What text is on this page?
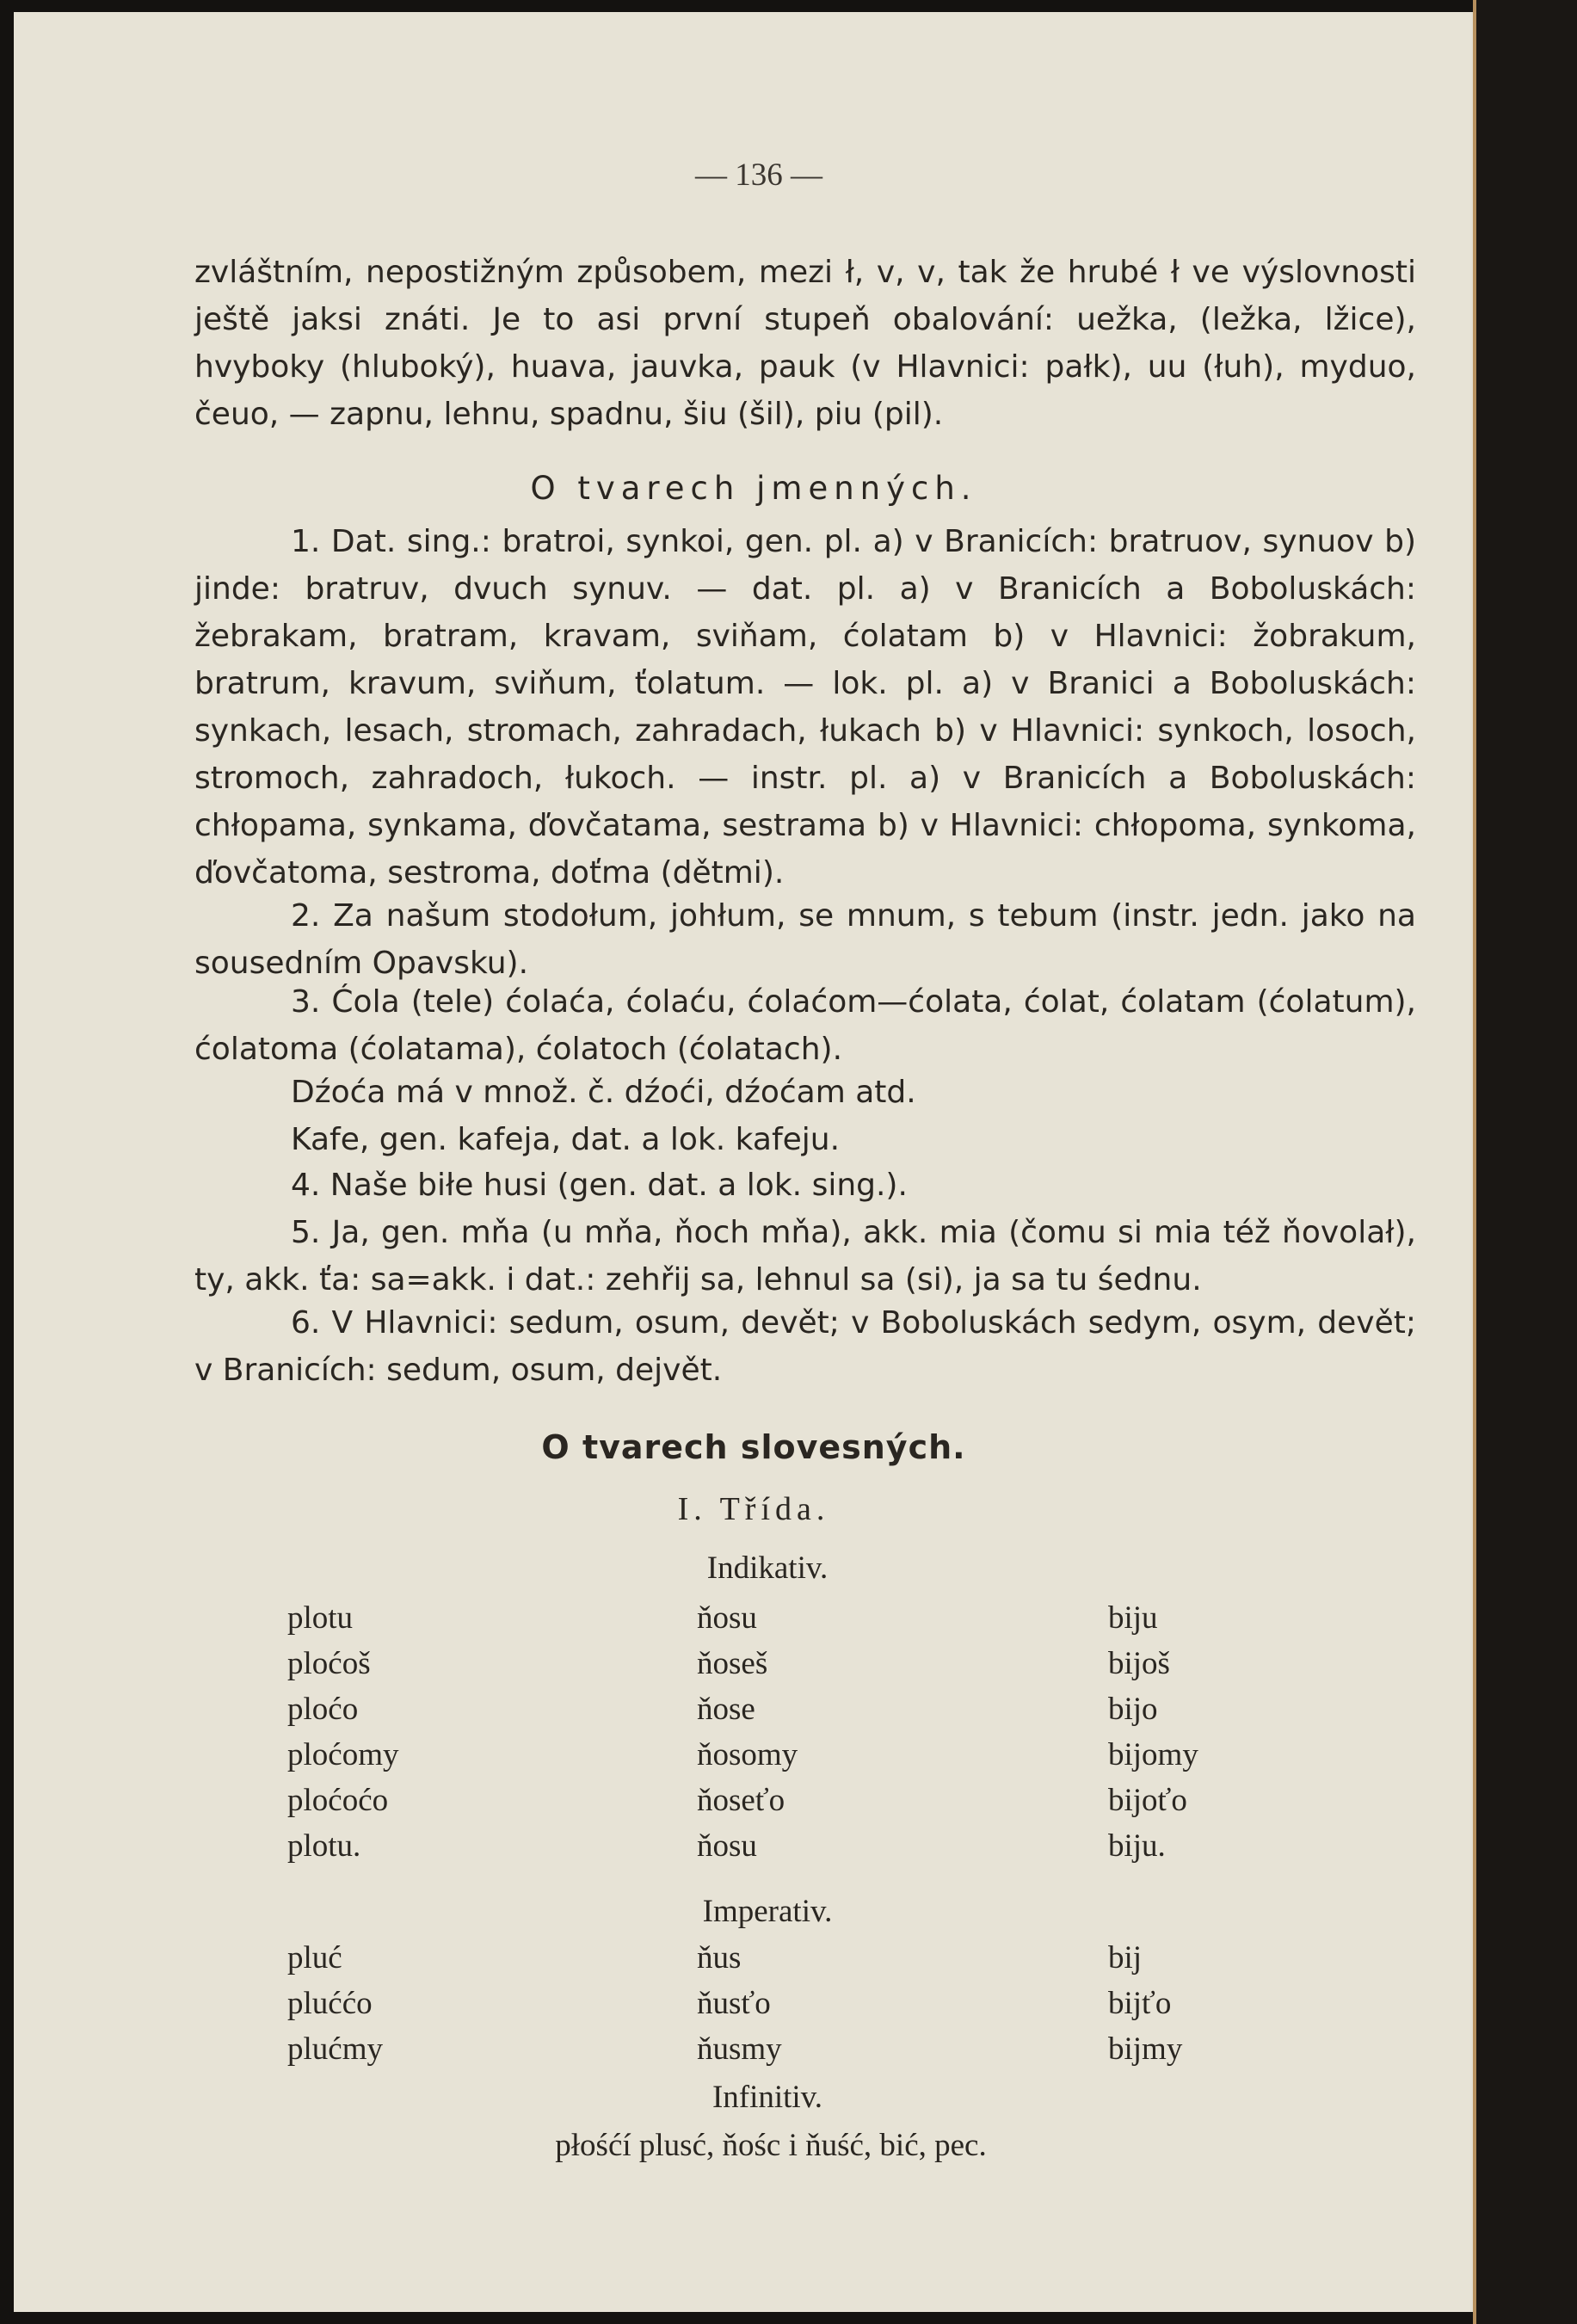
— 136 —
zvláštním, nepostižným způsobem, mezi ł, v, v, tak že hrubé ł ve výslovnosti ještě jaksi znáti. Je to asi první stupeň obalování: uežka, (ležka, lžice), hvyboky (hluboký), huava, jauvka, pauk (v Hlavnici: pałk), uu (łuh), myduo, čeuo, — zapnu, lehnu, spadnu, šiu (šil), piu (pil).
O tvarech jmenných.
1. Dat. sing.: bratroi, synkoi, gen. pl. a) v Branicích: bratruov, synuov b) jinde: bratruv, dvuch synuv. — dat. pl. a) v Branicích a Boboluskách: žebrakam, bratram, kravam, sviňam, ćolatam b) v Hlavnici: žobrakum, bratrum, kravum, sviňum, ťolatum. — lok. pl. a) v Branici a Boboluskách: synkach, lesach, stromach, zahradach, łukach b) v Hlavnici: synkoch, losoch, stromoch, zahradoch, łukoch. — instr. pl. a) v Branicích a Boboluskách: chłopama, synkama, ďovčatama, sestrama b) v Hlavnici: chłopoma, synkoma, ďovčatoma, sestroma, doťma (dětmi).
2. Za našum stodołum, johłum, se mnum, s tebum (instr. jedn. jako na sousedním Opavsku).
3. Ćola (tele) ćolaća, ćolaću, ćolaćom—ćolata, ćolat, ćolatam (ćolatum), ćolatoma (ćolatama), ćolatoch (ćolatach).
Dźoća má v množ. č. dźoći, dźoćam atd.
Kafe, gen. kafeja, dat. a lok. kafeju.
4. Naše biłe husi (gen. dat. a lok. sing.).
5. Ja, gen. mňa (u mňa, ňoch mňa), akk. mia (čomu si mia též ňovolał), ty, akk. ťa: sa=akk. i dat.: zehřij sa, lehnul sa (si), ja sa tu śednu.
6. V Hlavnici: sedum, osum, devět; v Boboluskách sedym, osym, devět; v Branicích: sedum, osum, dejvět.
O tvarech slovesných.
I. Třída.
Indikativ.
plotu	ňosu	biju
ploćoš	ňoseš	bijoš
ploćo	ňose	bijo
ploćomy	ňosomy	bijomy
ploćoćo	ňoseťo	bijoťo
plotu.	ňosu	biju.
Imperativ.
pluć	ňus	bij
pluććo	ňusťo	bijťo
plućmy	ňusmy	bijmy
Infinitiv.
płośćí plusć, ňośc i ňuść, bić, pec.
